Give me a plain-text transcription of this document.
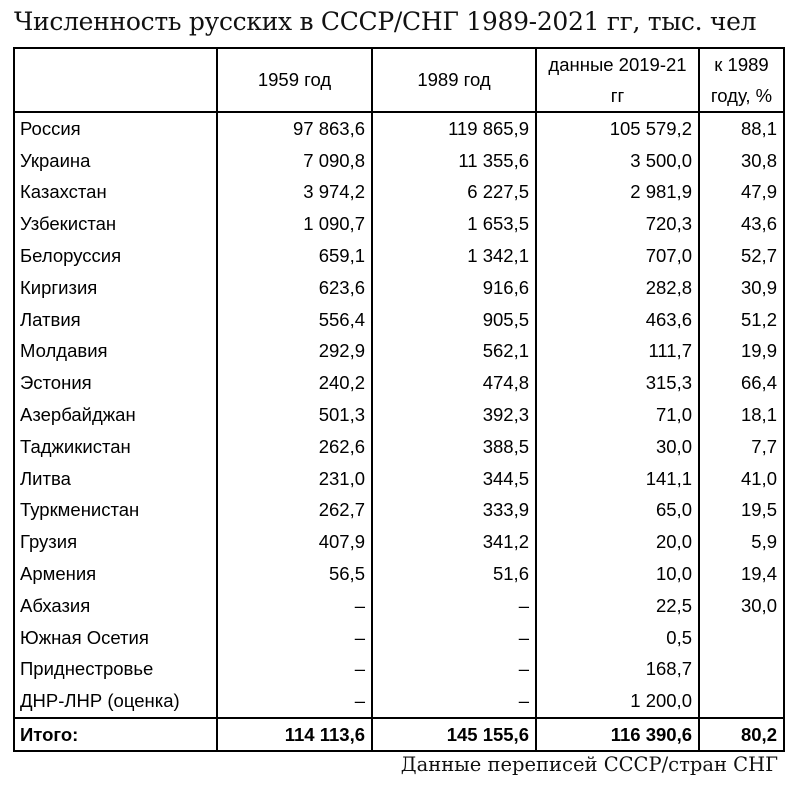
Численность русских в СССР/СНГ 1989-2021 гг, тыс. чел
	1959 год	1989 год	данные 2019-21 гг	к 1989 году, %
Россия	97 863,6	119 865,9	105 579,2	88,1
Украина	7 090,8	11 355,6	3 500,0	30,8
Казахстан	3 974,2	6 227,5	2 981,9	47,9
Узбекистан	1 090,7	1 653,5	720,3	43,6
Белоруссия	659,1	1 342,1	707,0	52,7
Киргизия	623,6	916,6	282,8	30,9
Латвия	556,4	905,5	463,6	51,2
Молдавия	292,9	562,1	111,7	19,9
Эстония	240,2	474,8	315,3	66,4
Азербайджан	501,3	392,3	71,0	18,1
Таджикистан	262,6	388,5	30,0	7,7
Литва	231,0	344,5	141,1	41,0
Туркменистан	262,7	333,9	65,0	19,5
Грузия	407,9	341,2	20,0	5,9
Армения	56,5	51,6	10,0	19,4
Абхазия	–	–	22,5	30,0
Южная Осетия	–	–	0,5	
Приднестровье	–	–	168,7	
ДНР-ЛНР (оценка)	–	–	1 200,0	
Итого:	114 113,6	145 155,6	116 390,6	80,2
Данные переписей СССР/стран СНГ
